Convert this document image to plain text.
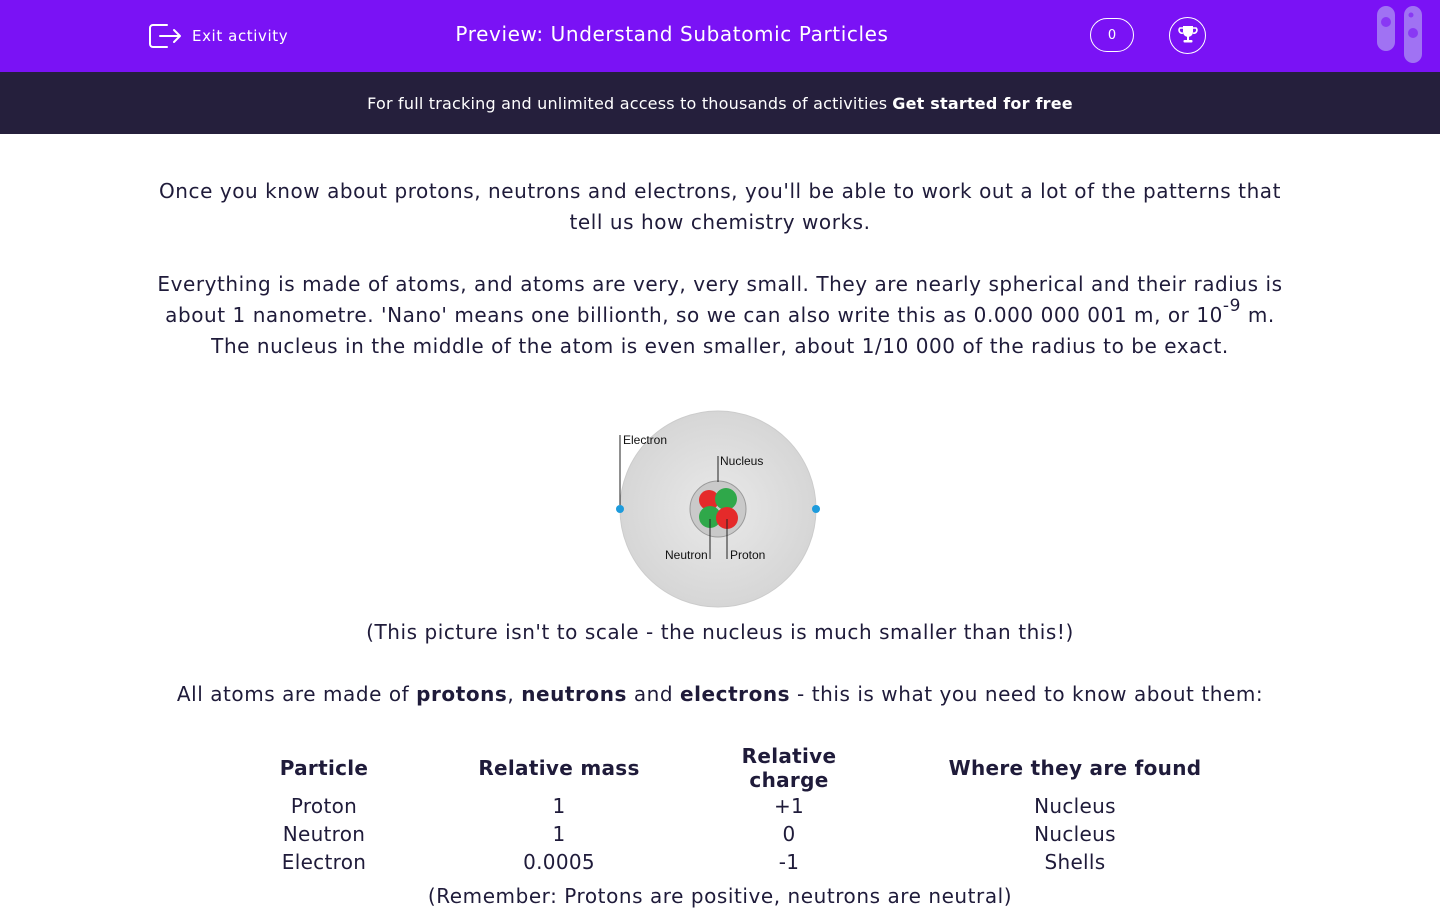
Exit activity	Preview: Understand Subatomic Particles	0
For full tracking and unlimited access to thousands of activities Get started for free

Once you know about protons, neutrons and electrons, you'll be able to work out a lot of the patterns that tell us how chemistry works.

Everything is made of atoms, and atoms are very, very small. They are nearly spherical and their radius is about 1 nanometre. 'Nano' means one billionth, so we can also write this as 0.000 000 001 m, or $10^{-9}$ m. The nucleus in the middle of the atom is even smaller, about 1/10 000 of the radius to be exact.

Electron
Nucleus
Neutron Proton
(This picture isn't to scale - the nucleus is much smaller than this!)
All atoms are made of protons, neutrons and electrons - this is what you need to know about them:
Particle	Relative mass	Relative charge	Where they are found
Proton	1	+1	Nucleus
Neutron	1	0	Nucleus
Electron	0.0005	-1	Shells
(Remember: Protons are positive, neutrons are neutral)
